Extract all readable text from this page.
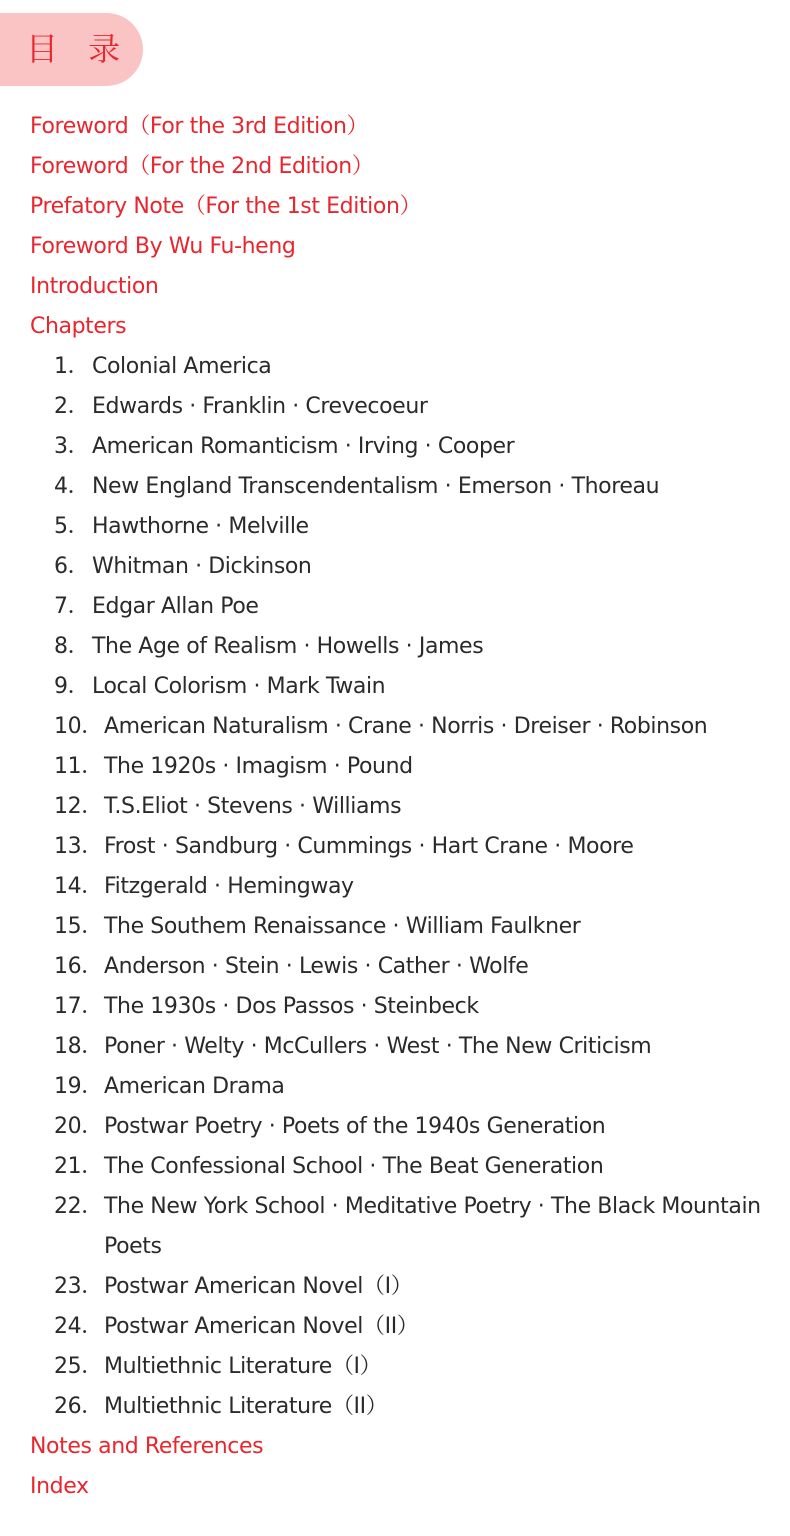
目 录
Foreword（For the 3rd Edition）
Foreword（For the 2nd Edition）
Prefatory Note（For the 1st Edition）
Foreword By Wu Fu-heng
Introduction
Chapters
1． Colonial America
2． Edwards · Franklin · Crevecoeur
3． American Romanticism · Irving · Cooper
4． New England Transcendentalism · Emerson · Thoreau
5． Hawthorne · Melville
6． Whitman · Dickinson
7． Edgar Allan Poe
8． The Age of Realism · Howells · James
9． Local Colorism · Mark Twain
10． American Naturalism · Crane · Norris · Dreiser · Robinson
11． The 1920s · Imagism · Pound
12． T.S.Eliot · Stevens · Williams
13． Frost · Sandburg · Cummings · Hart Crane · Moore
14． Fitzgerald · Hemingway
15． The Southem Renaissance · William Faulkner
16． Anderson · Stein · Lewis · Cather · Wolfe
17． The 1930s · Dos Passos · Steinbeck
18． Poner · Welty · McCullers · West · The New Criticism
19． American Drama
20． Postwar Poetry · Poets of the 1940s Generation
21． The Confessional School · The Beat Generation
22． The New York School · Meditative Poetry · The Black Mountain Poets
23． Postwar American Novel（I）
24． Postwar American Novel（II）
25． Multiethnic Literature（I）
26． Multiethnic Literature（II）
Notes and References
Index
